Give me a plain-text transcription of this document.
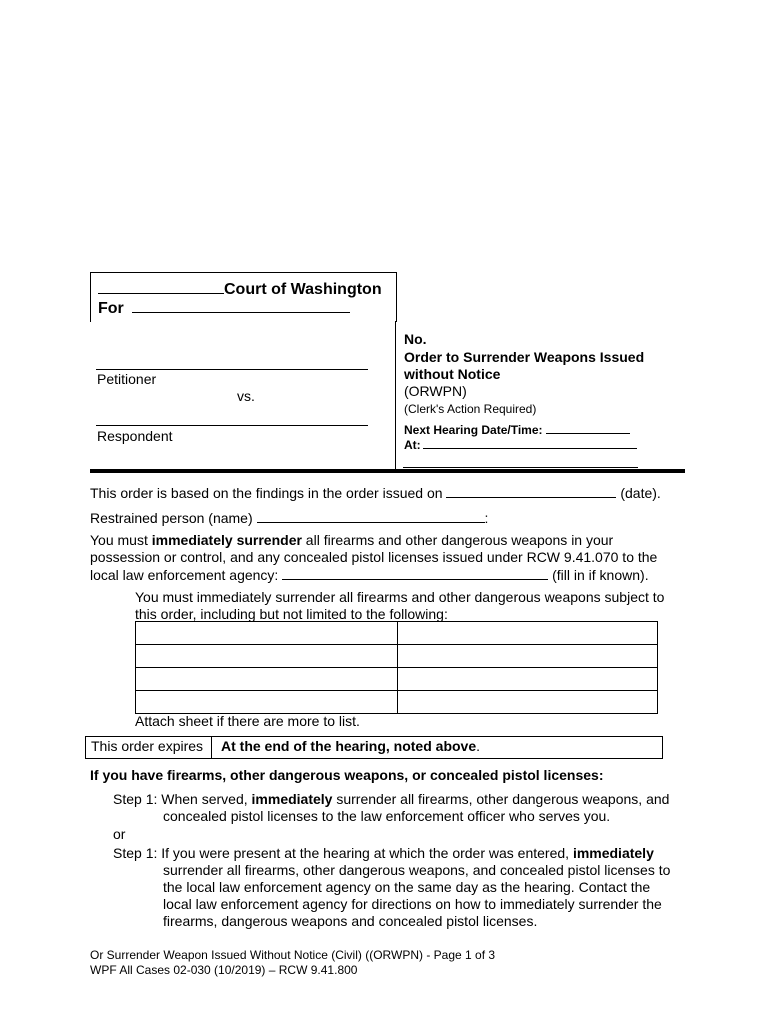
Court of Washington
For
Petitioner
vs.
Respondent
No.
Order to Surrender Weapons Issued
without Notice
(ORWPN)
(Clerk's Action Required)
Next Hearing Date/Time:
At:
This order is based on the findings in the order issued on	(date).
Restrained person (name)	:

You must immediately surrender all firearms and other dangerous weapons in your

possession or control, and any concealed pistol licenses issued under RCW 9.41.070 to the

local law enforcement agency:	(fill in if known).

You must immediately surrender all firearms and other dangerous weapons subject to

this order, including but not limited to the following:

Attach sheet if there are more to list.
This order expires At the end of the hearing, noted above.
If you have firearms, other dangerous weapons, or concealed pistol licenses:

Step 1: When served, immediately surrender all firearms, other dangerous weapons, and

concealed pistol licenses to the law enforcement officer who serves you.

or

Step 1: If you were present at the hearing at which the order was entered, immediately

surrender all firearms, other dangerous weapons, and concealed pistol licenses to

the local law enforcement agency on the same day as the hearing. Contact the

local law enforcement agency for directions on how to immediately surrender the

firearms, dangerous weapons and concealed pistol licenses.

Or Surrender Weapon Issued Without Notice (Civil) ((ORWPN) - Page 1 of 3

WPF All Cases 02-030 (10/2019) – RCW 9.41.800
